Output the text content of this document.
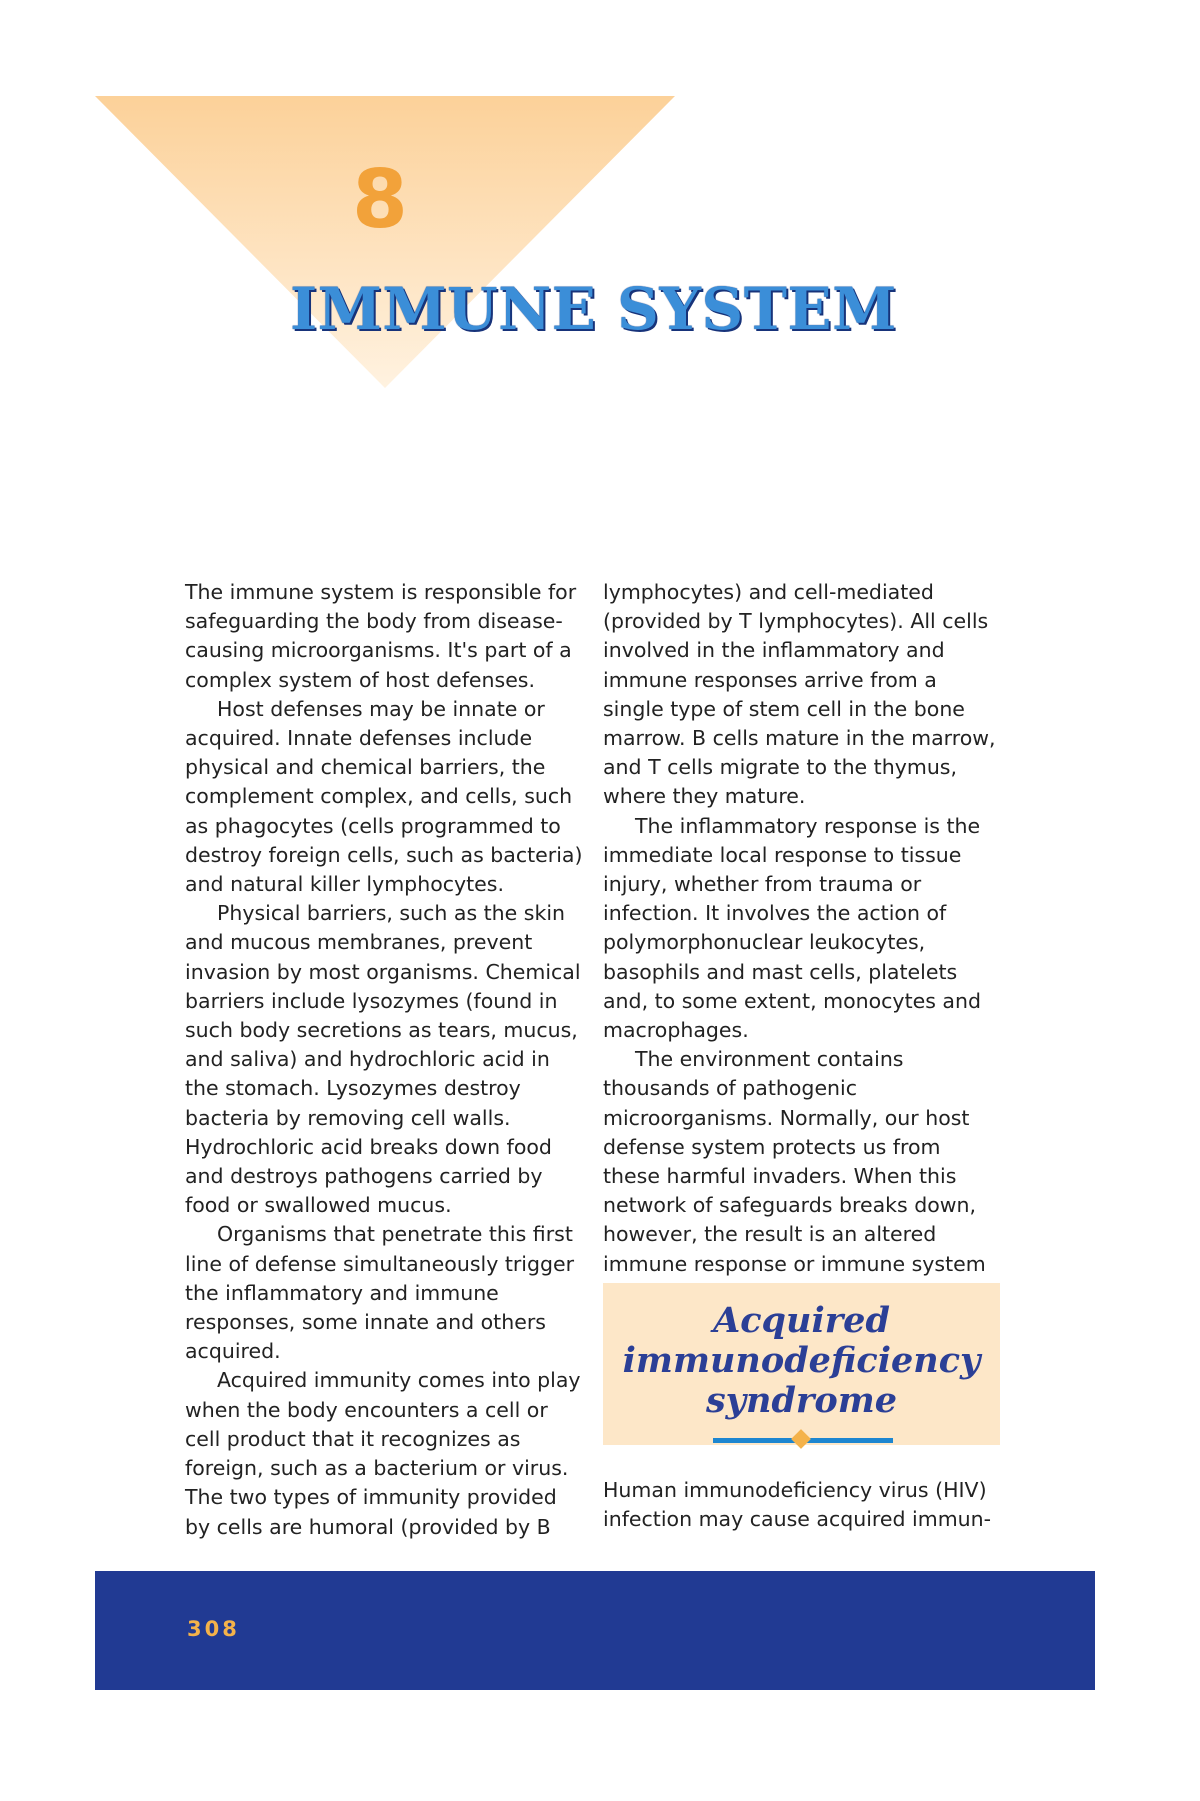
8
IMMUNE SYSTEM

The immune system is responsible for safeguarding the body from disease-causing microorganisms. It's part of a complex system of host defenses.

Host defenses may be innate or acquired. Innate defenses include physical and chemical barriers, the complement complex, and cells, such as phagocytes (cells programmed to destroy foreign cells, such as bacteria) and natural killer lymphocytes.

Physical barriers, such as the skin and mucous membranes, prevent invasion by most organisms. Chemical barriers include lysozymes (found in such body secretions as tears, mucus, and saliva) and hydrochloric acid in the stomach. Lysozymes destroy bacteria by removing cell walls. Hydrochloric acid breaks down food and destroys pathogens carried by food or swallowed mucus.

Organisms that penetrate this first line of defense simultaneously trigger the inflammatory and immune responses, some innate and others acquired.

Acquired immunity comes into play when the body encounters a cell or cell product that it recognizes as foreign, such as a bacterium or virus. The two types of immunity provided by cells are humoral (provided by B

lymphocytes) and cell-mediated (provided by T lymphocytes). All cells involved in the inflammatory and immune responses arrive from a single type of stem cell in the bone marrow. B cells mature in the marrow, and T cells migrate to the thymus, where they mature.

The inflammatory response is the immediate local response to tissue injury, whether from trauma or infection. It involves the action of polymorphonuclear leukocytes, basophils and mast cells, platelets and, to some extent, monocytes and macrophages.

The environment contains thousands of pathogenic microorganisms. Normally, our host defense system protects us from these harmful invaders. When this network of safeguards breaks down, however, the result is an altered immune response or immune system

Acquired
immunodeficiency
syndrome

Human immunodeficiency virus (HIV) infection may cause acquired immun-

308
